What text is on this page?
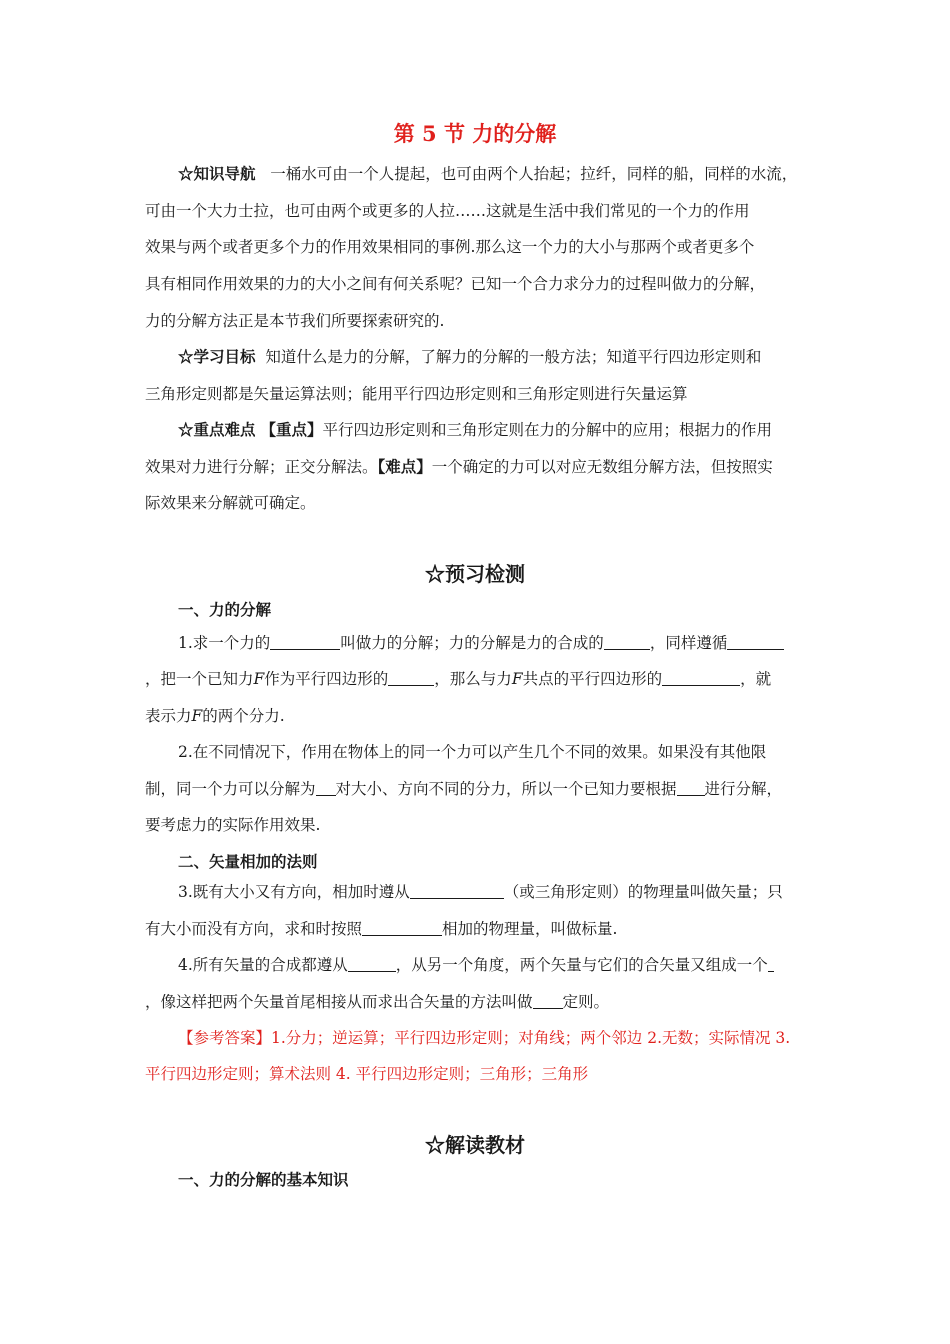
第 5 节 力的分解
☆知识导航 一桶水可由一个人提起，也可由两个人抬起；拉纤，同样的船，同样的水流，
可由一个大力士拉，也可由两个或更多的人拉……这就是生活中我们常见的一个力的作用
效果与两个或者更多个力的作用效果相同的事例.那么这一个力的大小与那两个或者更多个
具有相同作用效果的力的大小之间有何关系呢？已知一个合力求分力的过程叫做力的分解，
力的分解方法正是本节我们所要探索研究的.
☆学习目标 知道什么是力的分解，了解力的分解的一般方法；知道平行四边形定则和
三角形定则都是矢量运算法则；能用平行四边形定则和三角形定则进行矢量运算
☆重点难点 【重点】平行四边形定则和三角形定则在力的分解中的应用；根据力的作用
效果对力进行分解；正交分解法。【难点】一个确定的力可以对应无数组分解方法，但按照实
际效果来分解就可确定。
☆预习检测
一、力的分解
1.求一个力的	叫做力的分解；力的分解是力的合成的	，同样遵循
，把一个已知力F作为平行四边形的	，那么与力F共点的平行四边形的	，就
表示力F的两个分力.
2.在不同情况下，作用在物体上的同一个力可以产生几个不同的效果。如果没有其他限
制，同一个力可以分解为 对大小、方向不同的分力，所以一个已知力要根据 进行分解，
要考虑力的实际作用效果.
二、矢量相加的法则
3.既有大小又有方向，相加时遵从	（或三角形定则）的物理量叫做矢量；只
有大小而没有方向，求和时按照	相加的物理量，叫做标量.
4.所有矢量的合成都遵从	，从另一个角度，两个矢量与它们的合矢量又组成一个
，像这样把两个矢量首尾相接从而求出合矢量的方法叫做 定则。
【参考答案】1.分力；逆运算；平行四边形定则；对角线；两个邻边 2.无数；实际情况 3.
平行四边形定则；算术法则 4. 平行四边形定则；三角形；三角形
☆解读教材
一、力的分解的基本知识
